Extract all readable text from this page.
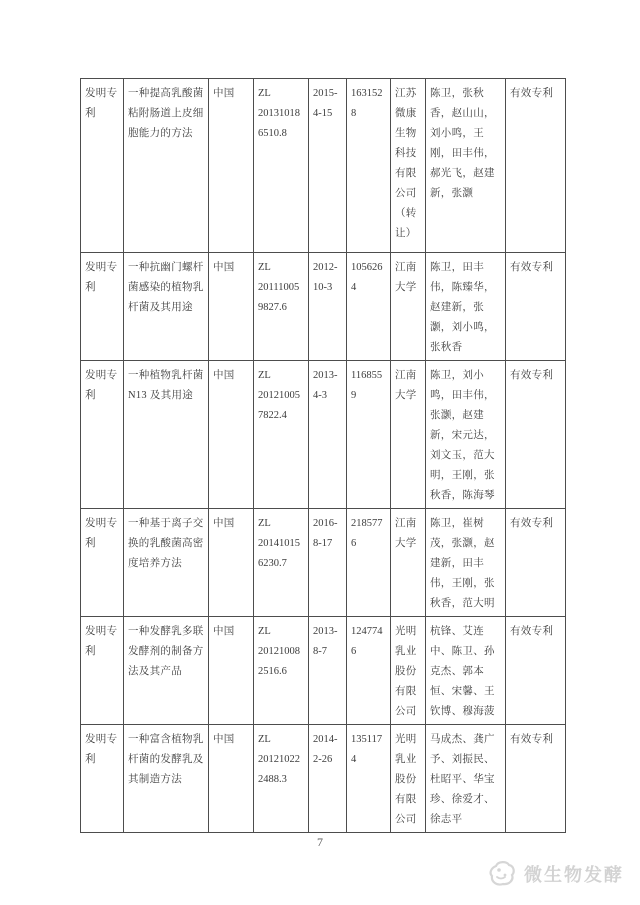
发明专利	一种提高乳酸菌粘附肠道上皮细胞能力的方法	中国	ZL 20131018 6510.8	2015-4-15	1631528	江苏微康生物科技有限公司（转让）	陈卫，张秋香，赵山山，刘小鸣，王刚，田丰伟，郝光飞，赵建新，张灏	有效专利
发明专利	一种抗幽门螺杆菌感染的植物乳杆菌及其用途	中国	ZL 20111005 9827.6	2012-10-3	1056264	江南大学	陈卫，田丰伟，陈臻华，赵建新，张灏，刘小鸣，张秋香	有效专利
发明专利	一种植物乳杆菌 N13 及其用途	中国	ZL 20121005 7822.4	2013-4-3	1168559	江南大学	陈卫，刘小鸣，田丰伟，张灏，赵建新，宋元达，刘文玉，范大明，王刚，张秋香，陈海琴	有效专利
发明专利	一种基于离子交换的乳酸菌高密度培养方法	中国	ZL 20141015 6230.7	2016-8-17	2185776	江南大学	陈卫，崔树茂，张灏，赵建新，田丰伟，王刚，张秋香，范大明	有效专利
发明专利	一种发酵乳多联发酵剂的制备方法及其产品	中国	ZL 20121008 2516.6	2013-8-7	1247746	光明乳业股份有限公司	杭锋、艾连中、陈卫、孙克杰、郭本恒、宋馨、王钦博、穆海菠	有效专利
发明专利	一种富含植物乳杆菌的发酵乳及其制造方法	中国	ZL 20121022 2488.3	2014-2-26	1351174	光明乳业股份有限公司	马成杰、龚广予、刘振民、杜昭平、华宝珍、徐爱才、徐志平	有效专利
7
微生物发酵
